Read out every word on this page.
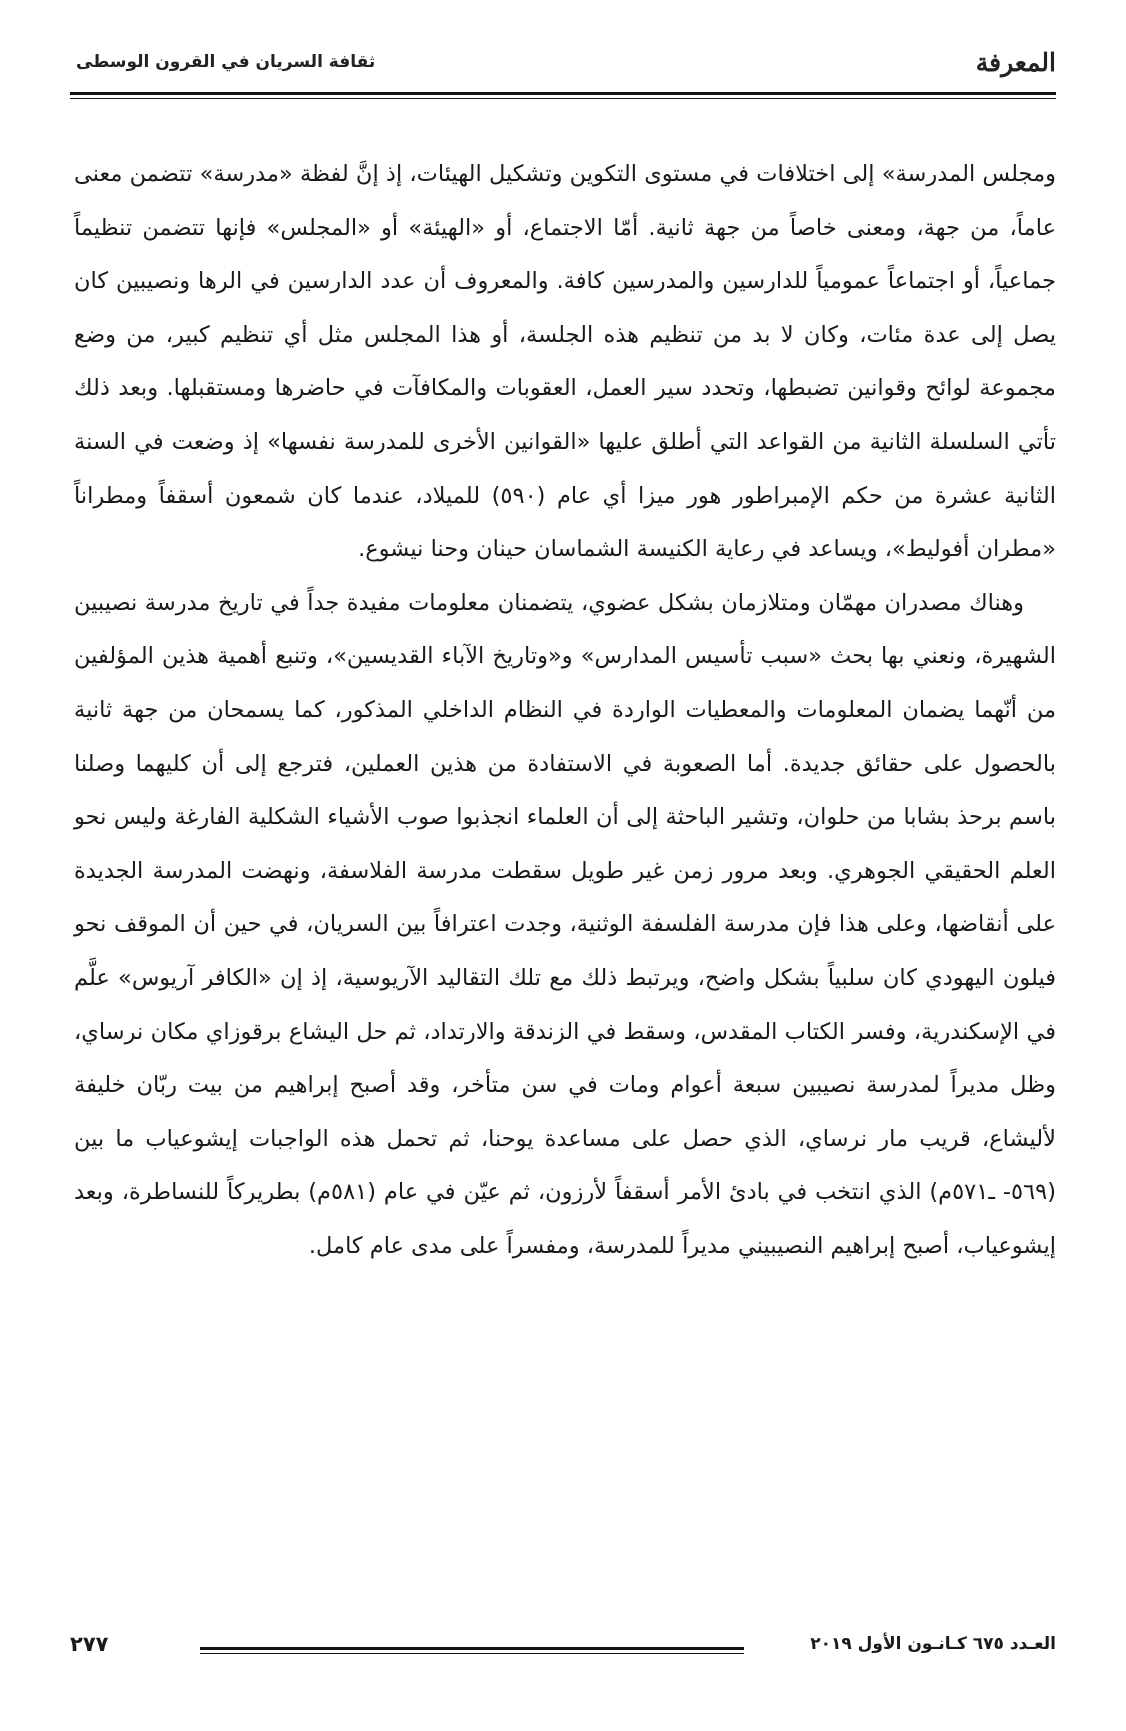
المعرفة
ثقافة السريان في القرون الوسطى

ومجلس المدرسة» إلى اختلافات في مستوى التكوين وتشكيل الهيئات، إذ إنَّ لفظة «مدرسة» تتضمن معنى عاماً، من جهة، ومعنى خاصاً من جهة ثانية. أمّا الاجتماع، أو «الهيئة» أو «المجلس» فإنها تتضمن تنظيماً جماعياً، أو اجتماعاً عمومياً للدارسين والمدرسين كافة. والمعروف أن عدد الدارسين في الرها ونصيبين كان يصل إلى عدة مئات، وكان لا بد من تنظيم هذه الجلسة، أو هذا المجلس مثل أي تنظيم كبير، من وضع مجموعة لوائح وقوانين تضبطها، وتحدد سير العمل، العقوبات والمكافآت في حاضرها ومستقبلها. وبعد ذلك تأتي السلسلة الثانية من القواعد التي أطلق عليها «القوانين الأخرى للمدرسة نفسها» إذ وضعت في السنة الثانية عشرة من حكم الإمبراطور هور ميزا أي عام (٥٩٠) للميلاد، عندما كان شمعون أسقفاً ومطراناً «مطران أفوليط»، ويساعد في رعاية الكنيسة الشماسان حينان وحنا نيشوع.

وهناك مصدران مهمّان ومتلازمان بشكل عضوي، يتضمنان معلومات مفيدة جداً في تاريخ مدرسة نصيبين الشهيرة، ونعني بها بحث «سبب تأسيس المدارس» و«وتاريخ الآباء القديسين»، وتنبع أهمية هذين المؤلفين من أنّهما يضمان المعلومات والمعطيات الواردة في النظام الداخلي المذكور، كما يسمحان من جهة ثانية بالحصول على حقائق جديدة. أما الصعوبة في الاستفادة من هذين العملين، فترجع إلى أن كليهما وصلنا باسم برحذ بشابا من حلوان، وتشير الباحثة إلى أن العلماء انجذبوا صوب الأشياء الشكلية الفارغة وليس نحو العلم الحقيقي الجوهري. وبعد مرور زمن غير طويل سقطت مدرسة الفلاسفة، ونهضت المدرسة الجديدة على أنقاضها، وعلى هذا فإن مدرسة الفلسفة الوثنية، وجدت اعترافاً بين السريان، في حين أن الموقف نحو فيلون اليهودي كان سلبياً بشكل واضح، ويرتبط ذلك مع تلك التقاليد الآريوسية، إذ إن «الكافر آريوس» علَّم في الإسكندرية، وفسر الكتاب المقدس، وسقط في الزندقة والارتداد، ثم حل اليشاع برقوزاي مكان نرساي، وظل مديراً لمدرسة نصيبين سبعة أعوام ومات في سن متأخر، وقد أصبح إبراهيم من بيت ربّان خليفة لأليشاع، قريب مار نرساي، الذي حصل على مساعدة يوحنا، ثم تحمل هذه الواجبات إيشوعياب ما بين (٥٦٩- ـ٥٧١م) الذي انتخب في بادئ الأمر أسقفاً لأرزون، ثم عيّن في عام (٥٨١م) بطريركاً للنساطرة، وبعد إيشوعياب، أصبح إبراهيم النصيبيني مديراً للمدرسة، ومفسراً على مدى عام كامل.

العـدد ٦٧٥ كـانـون الأول ٢٠١٩
٢٧٧
